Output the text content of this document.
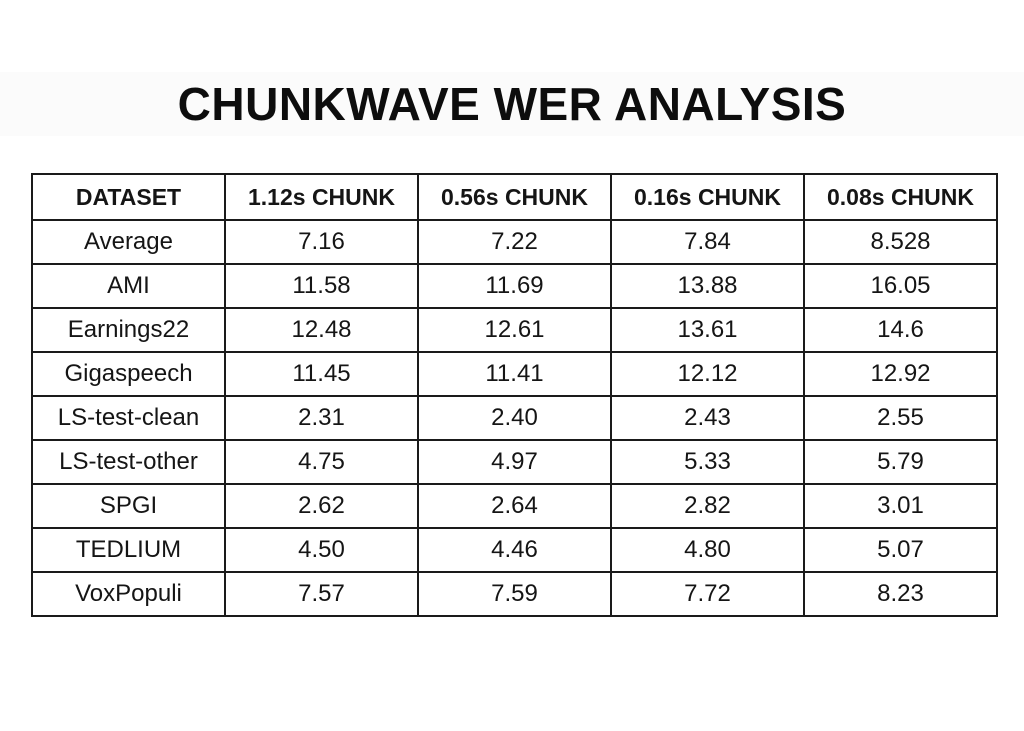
CHUNKWAVE WER ANALYSIS
DATASET	1.12s CHUNK	0.56s CHUNK	0.16s CHUNK	0.08s CHUNK
Average	7.16	7.22	7.84	8.528
AMI	11.58	11.69	13.88	16.05
Earnings22	12.48	12.61	13.61	14.6
Gigaspeech	11.45	11.41	12.12	12.92
LS-test-clean	2.31	2.40	2.43	2.55
LS-test-other	4.75	4.97	5.33	5.79
SPGI	2.62	2.64	2.82	3.01
TEDLIUM	4.50	4.46	4.80	5.07
VoxPopuli	7.57	7.59	7.72	8.23
